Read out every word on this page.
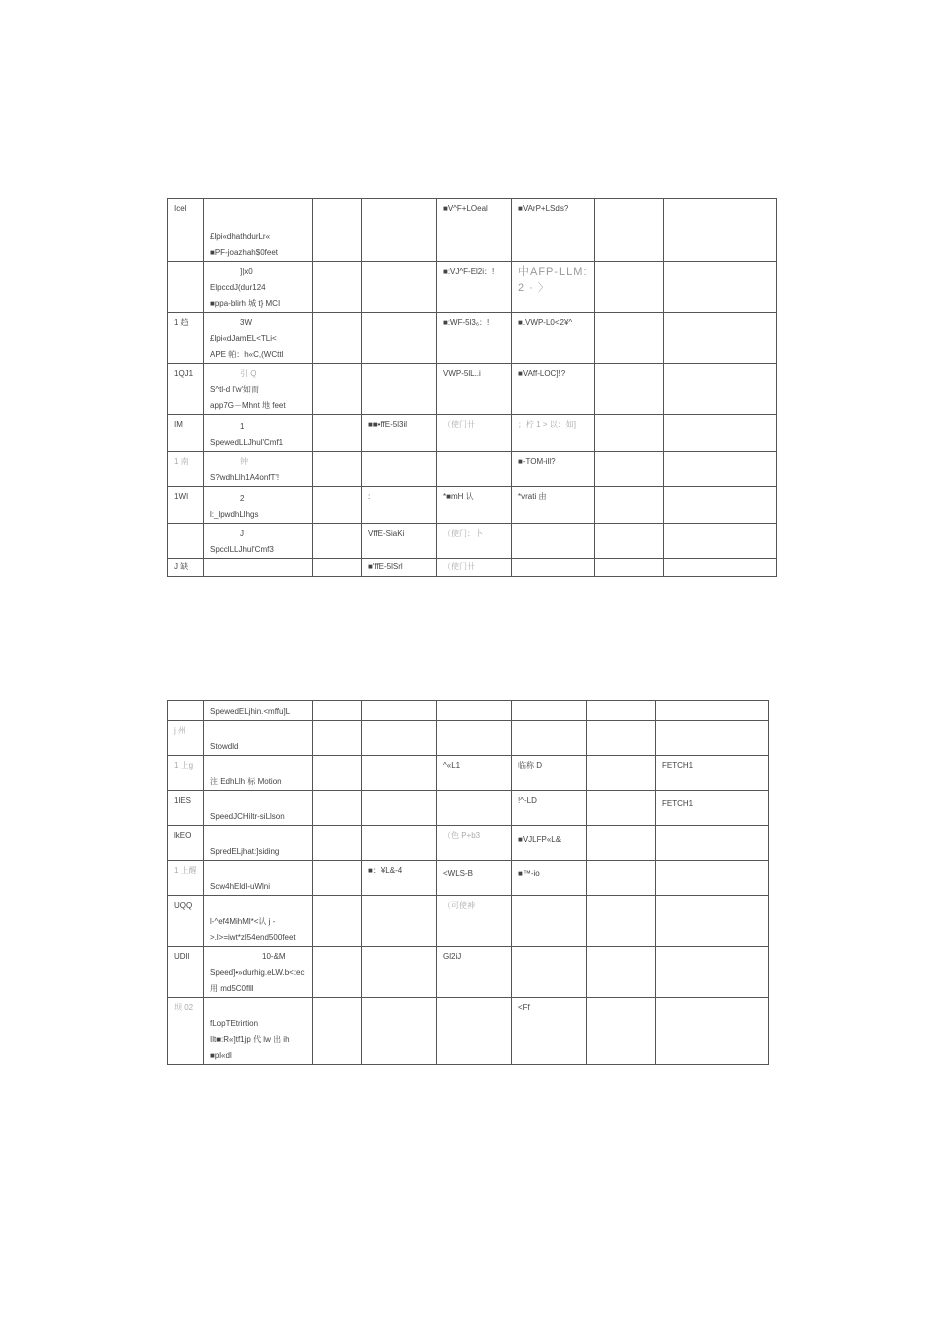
Icel	£lpi«dhathdurLr«
■PF-joazhah$0feet			■V^F+LOeal	■VArP+LSds?		

	]|x0
ElpccdJ(dur124
■ppa-blirh 城 t} MCI			■:VJ^F-El2i：!	中AFP-LLM:
2 · 〉		

1 趋	3W
£lpi«dJamEL<TLi<
APE 帕：h«C,(WCttl			■:WF-5l3₆：!	■.VWP-L0<2¥^		

1QJ1	引 Q
S^tl-d l'w'如而
app7G－Mhnt 地 feet			VWP-5lL..i	■VAff-LOC]!?		

IM	1
SpewedLLJhul'Cmf1		■■•ffE-5l3il	（使门卄	；柠 1 > 以：如]		

1 南	钟
S?wdhLlh1A4onfT'!				■-TOM-ill?		

1WI	2
l:_lpwdhLlhgs		:	*■mH 认	*vrati 由		

	J
SpcclLLJhul'Cmf3		VffE-SiaKi	（使门：卜			

J 缺			■'ffE-5lSrl	（使门卄			

	SpewedELjhin.<mffu]L						

j 州	Stowdld						

1 上g	注 EdhLlh 标 Motion			^«L1	临称 D		FETCH1

1lES	SpeedJCHiltr-siLlson				!^-LD		FETCH1

lkEO	SpredELjhat:]siding			（色 P+b3	■VJLFP«L&		

1 上醒	Scw4hEldl-uWlni		■：¥L&-4	<WLS-B	■™-io		

UQQ	l-^ef4MihMl*<认 j -
>.l>=iwt*zl54end500feet			（可使神			

UDIl	10-&M
Speed]•»durhig.eLW.b<:ec
用 md5C0flll			Gl2iJ			

坝 02	fLopTEtrirtion
Ilt■:R«]tf1jp 代 lw 出 ih
■pl«dl				<Ff		
